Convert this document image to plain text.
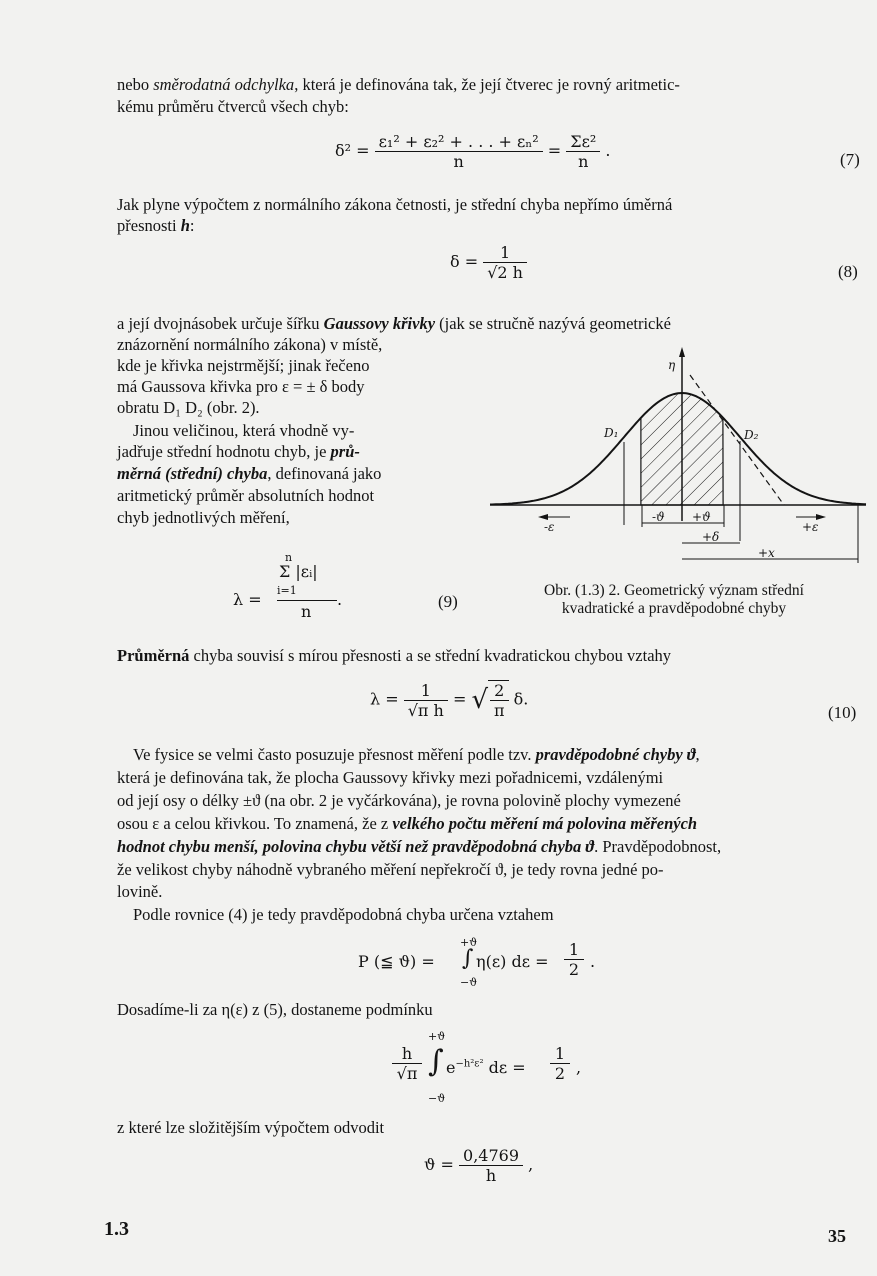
nebo směrodatná odchylka, která je definována tak, že její čtverec je rovný aritmetic-
kému průměru čtverců všech chyb:
$\delta^2 = \frac{\text{ε₁² + ε₂² + . . . + εₙ²}}{n} = \frac{\text{Σε²}}{n}$ .	(7)
Jak plyne výpočtem z normálního zákona četnosti, je střední chyba nepřímo úměrná
přesnosti h:
$\delta = \frac{1}{√2 h}$	(8)
a její dvojnásobek určuje šířku Gaussovy křivky (jak se stručně nazývá geometrické
znázornění normálního zákona) v místě,
kde je křivka nejstrmější; jinak řečeno
má Gaussova křivka pro ε = ± δ body
obratu D₁ D₂ (obr. 2).
Jinou veličinou, která vhodně vy-
jadřuje střední hodnotu chyb, je prů-
měrná (střední) chyba, definovaná jako
aritmetický průměr absolutních hodnot
chyb jednotlivých měření,
λ =
n
Σ |εᵢ|
i=1
n
.	(9)
η
D₁	D₂
-ε	+ε
-ϑ +ϑ
+δ
+x
Obr. (1.3) 2. Geometrický význam střední
kvadratické a pravděpodobné chyby
Průměrná chyba souvisí s mírou přesnosti a se střední kvadratickou chybou vztahy
$\lambda = \frac{1}{\text{√π h}}$ = √ $\frac{2}{\pi} \delta$.
(10)
Ve fysice se velmi často posuzuje přesnost měření podle tzv. pravděpodobné chyby ϑ,
která je definována tak, že plocha Gaussovy křivky mezi pořadnicemi, vzdálenými
od její osy o délky ±ϑ (na obr. 2 je vyčárkována), je rovna polovině plochy vymezené
osou ε a celou křivkou. To znamená, že z velkého počtu měření má polovina měřených
hodnot chybu menší, polovina chybu větší než pravděpodobná chyba ϑ. Pravděpodobnost,
že velikost chyby náhodně vybraného měření nepřekročí ϑ, je tedy rovna jedné po-
lovině.
Podle rovnice (4) je tedy pravděpodobná chyba určena vztahem
P (≦ ϑ) =
+ϑ
∫
−ϑ
η(ε) $d\varepsilon = \frac{1}{2}$ .
Dosadíme-li za η(ε) z (5), dostaneme podmínku
$\frac{h}{√\pi}$
+ϑ
∫
−ϑ
$e^{-h^2\varepsilon^2}$ $d\varepsilon = \frac{1}{2}$ ,
z které lze složitějším výpočtem odvodit
$ϑ = \frac{0,4769}{h}$ ,
1.3	35
